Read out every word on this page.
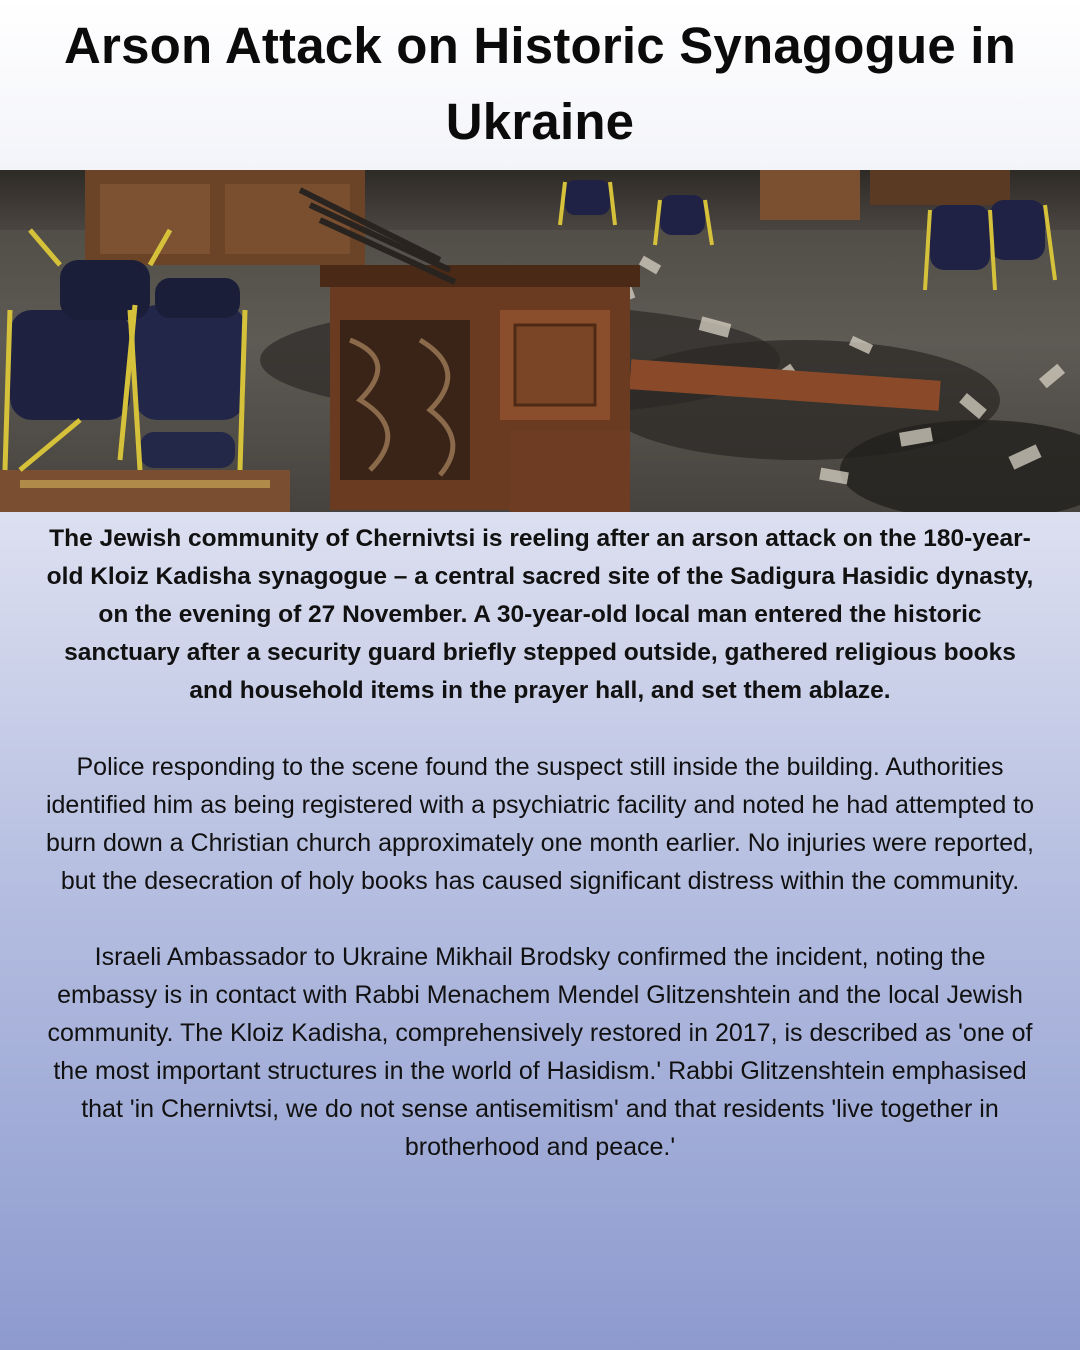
Arson Attack on Historic Synagogue in Ukraine

The Jewish community of Chernivtsi is reeling after an arson attack on the 180-year-old Kloiz Kadisha synagogue – a central sacred site of the Sadigura Hasidic dynasty, on the evening of 27 November. A 30-year-old local man entered the historic sanctuary after a security guard briefly stepped outside, gathered religious books and household items in the prayer hall, and set them ablaze.

Police responding to the scene found the suspect still inside the building. Authorities identified him as being registered with a psychiatric facility and noted he had attempted to burn down a Christian church approximately one month earlier. No injuries were reported, but the desecration of holy books has caused significant distress within the community.

Israeli Ambassador to Ukraine Mikhail Brodsky confirmed the incident, noting the embassy is in contact with Rabbi Menachem Mendel Glitzenshtein and the local Jewish community. The Kloiz Kadisha, comprehensively restored in 2017, is described as 'one of the most important structures in the world of Hasidism.' Rabbi Glitzenshtein emphasised that 'in Chernivtsi, we do not sense antisemitism' and that residents 'live together in brotherhood and peace.'
